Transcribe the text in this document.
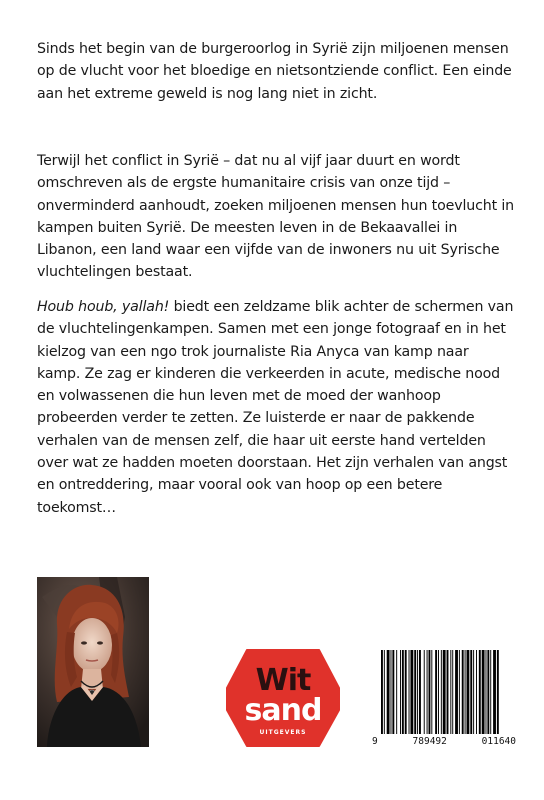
Sinds het begin van de burgeroorlog in Syrië zijn miljoenen mensen op de vlucht voor het bloedige en nietsontziende conflict. Een einde aan het extreme geweld is nog lang niet in zicht.

Terwijl het conflict in Syrië – dat nu al vijf jaar duurt en wordt omschreven als de ergste humanitaire crisis van onze tijd – onverminderd aanhoudt, zoeken miljoenen mensen hun toevlucht in kampen buiten Syrië. De meesten leven in de Bekaavallei in Libanon, een land waar een vijfde van de inwoners nu uit Syrische vluchtelingen bestaat.

Houb houb, yallah! biedt een zeldzame blik achter de schermen van de vluchtelingenkampen. Samen met een jonge fotograaf en in het kielzog van een ngo trok journaliste Ria Anyca van kamp naar kamp. Ze zag er kinderen die verkeerden in acute, medische nood en volwassenen die hun leven met de moed der wanhoop probeerden verder te zetten. Ze luisterde er naar de pakkende verhalen van de mensen zelf, die haar uit eerste hand vertelden over wat ze hadden moeten doorstaan. Het zijn verhalen van angst en ontreddering, maar vooral ook van hoop op een betere toekomst…

Wit
sand
UITGEVERS
9	789492	011640
